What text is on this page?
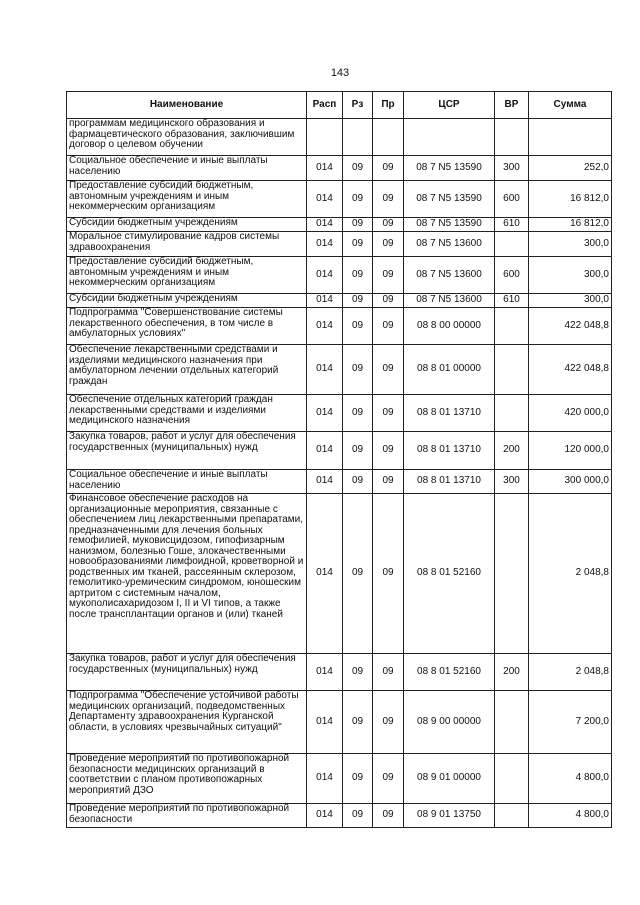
143
Наименование	Расп	Рз	Пр	ЦСР	ВР	Сумма
программам медицинского образования и фармацевтического образования, заключившим договор о целевом обучении						
Социальное обеспечение и иные выплаты населению	014	09	09	08 7 N5 13590	300	252,0
Предоставление субсидий бюджетным, автономным учреждениям и иным некоммерческим организациям	014	09	09	08 7 N5 13590	600	16 812,0
Субсидии бюджетным учреждениям	014	09	09	08 7 N5 13590	610	16 812,0
Моральное стимулирование кадров системы здравоохранения	014	09	09	08 7 N5 13600		300,0
Предоставление субсидий бюджетным, автономным учреждениям и иным некоммерческим организациям	014	09	09	08 7 N5 13600	600	300,0
Субсидии бюджетным учреждениям	014	09	09	08 7 N5 13600	610	300,0
Подпрограмма "Совершенствование системы лекарственного обеспечения, в том числе в амбулаторных условиях"	014	09	09	08 8 00 00000		422 048,8
Обеспечение лекарственными средствами и изделиями медицинского назначения при амбулаторном лечении отдельных категорий граждан	014	09	09	08 8 01 00000		422 048,8
Обеспечение отдельных категорий граждан лекарственными средствами и изделиями медицинского назначения	014	09	09	08 8 01 13710		420 000,0
Закупка товаров, работ и услуг для обеспечения государственных (муниципальных) нужд	014	09	09	08 8 01 13710	200	120 000,0
Социальное обеспечение и иные выплаты населению	014	09	09	08 8 01 13710	300	300 000,0
Финансовое обеспечение расходов на организационные мероприятия, связанные с обеспечением лиц лекарственными препаратами, предназначенными для лечения больных гемофилией, муковисцидозом, гипофизарным нанизмом, болезнью Гоше, злокачественными новообразованиями лимфоидной, кроветворной и родственных им тканей, рассеянным склерозом, гемолитико-уремическим синдромом, юношеским артритом с системным началом, мукополисахаридозом I, II и VI типов, а также после трансплантации органов и (или) тканей	014	09	09	08 8 01 52160		2 048,8
Закупка товаров, работ и услуг для обеспечения государственных (муниципальных) нужд	014	09	09	08 8 01 52160	200	2 048,8
Подпрограмма "Обеспечение устойчивой работы медицинских организаций, подведомственных Департаменту здравоохранения Курганской области, в условиях чрезвычайных ситуаций"	014	09	09	08 9 00 00000		7 200,0
Проведение мероприятий по противопожарной безопасности медицинских организаций в соответствии с планом противопожарных мероприятий ДЗО	014	09	09	08 9 01 00000		4 800,0
Проведение мероприятий по противопожарной безопасности	014	09	09	08 9 01 13750		4 800,0
